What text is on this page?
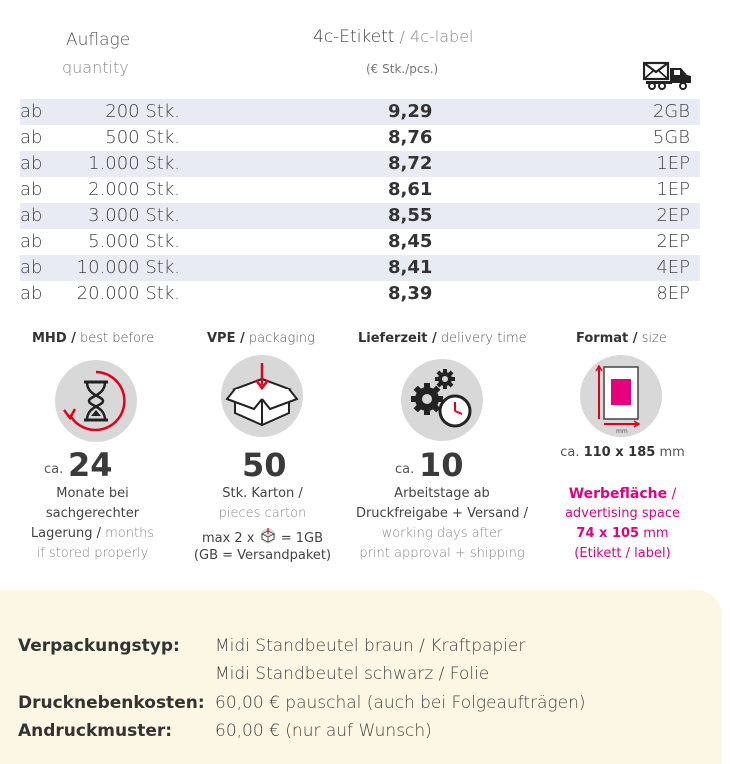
Auflage
quantity
4c-Etikett / 4c-label
(€ Stk./pcs.)
ab	200 Stk.	9,29	2GB
ab	500 Stk.	8,76	5GB
ab	1.000 Stk.	8,72	1EP
ab	2.000 Stk.	8,61	1EP
ab	3.000 Stk.	8,55	2EP
ab	5.000 Stk.	8,45	2EP
ab 10.000 Stk.	8,41	4EP
ab 20.000 Stk.	8,39	8EP
MHD / best before
ca. 24
Monate bei
sachgerechter
Lagerung / months
if stored properly
VPE / packaging
50
Stk. Karton /
pieces carton
max 2 x  = 1GB
(GB = Versandpaket)
Lieferzeit / delivery time
ca. 10
Arbeitstage ab
Druckfreigabe + Versand /
working days after
print approval + shipping
Format / size
mm
ca. 110 x 185 mm
Werbefläche /
advertising space
74 x 105 mm
(Etikett / label)
Verpackungstyp: Midi Standbeutel braun / Kraftpapier
Midi Standbeutel schwarz / Folie
Drucknebenkosten: 60,00 € pauschal (auch bei Folgeaufträgen)
Andruckmuster:	60,00 € (nur auf Wunsch)
